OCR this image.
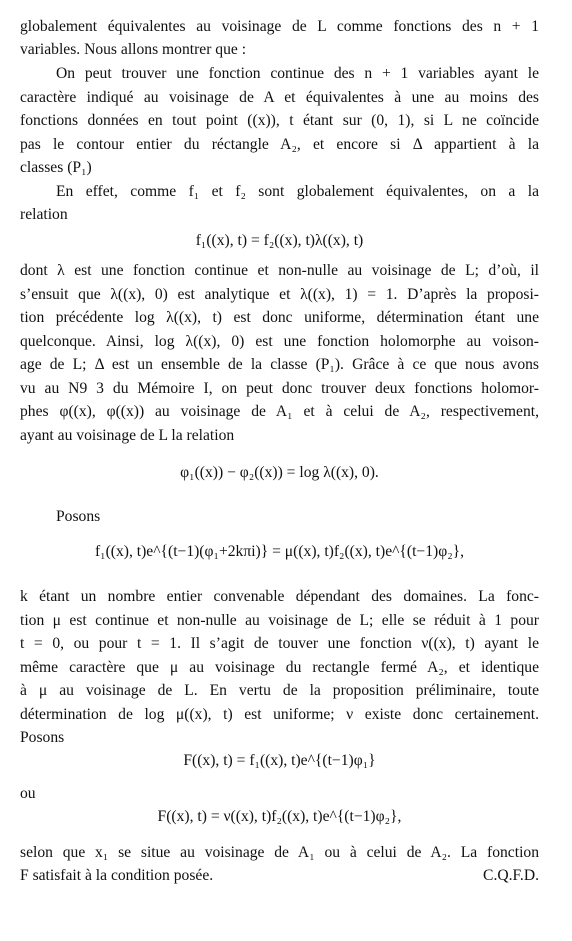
globalement équivalentes au voisinage de L comme fonctions des n + 1
variables. Nous allons montrer que :
On peut trouver une fonction continue des n + 1 variables ayant le
caractère indiqué au voisinage de A et équivalentes à une au moins des
fonctions données en tout point ((x)), t étant sur (0, 1), si L ne coïncide
pas le contour entier du réctangle A₂, et encore si Δ appartient à la
classes (P₁)
En effet, comme f₁ et f₂ sont globalement équivalentes, on a la
relation
f₁((x), t) = f₂((x), t)λ((x), t)
dont λ est une fonction continue et non-nulle au voisinage de L; d’où, il
s’ensuit que λ((x), 0) est analytique et λ((x), 1) = 1. D’après la proposi-
tion précédente log λ((x), t) est donc uniforme, détermination étant une
quelconque. Ainsi, log λ((x), 0) est une fonction holomorphe au voison-
age de L; Δ est un ensemble de la classe (P₁). Grâce à ce que nous avons
vu au N9 3 du Mémoire I, on peut donc trouver deux fonctions holomor-
phes φ((x), φ((x)) au voisinage de A₁ et à celui de A₂, respectivement,
ayant au voisinage de L la relation
φ₁((x)) − φ₂((x)) = log λ((x), 0).
Posons
f₁((x), t)e^{(t−1)(φ₁+2kπi)} = μ((x), t)f₂((x), t)e^{(t−1)φ₂},
k étant un nombre entier convenable dépendant des domaines. La fonc-
tion μ est continue et non-nulle au voisinage de L; elle se réduit à 1 pour
t = 0, ou pour t = 1. Il s’agit de touver une fonction ν((x), t) ayant le
même caractère que μ au voisinage du rectangle fermé A₂, et identique
à μ au voisinage de L. En vertu de la proposition préliminaire, toute
détermination de log μ((x), t) est uniforme; ν existe donc certainement.
Posons
F((x), t) = f₁((x), t)e^{(t−1)φ₁}
ou
F((x), t) = ν((x), t)f₂((x), t)e^{(t−1)φ₂},
selon que x₁ se situe au voisinage de A₁ ou à celui de A₂. La fonction
F satisfait à la condition posée.	C.Q.F.D.
